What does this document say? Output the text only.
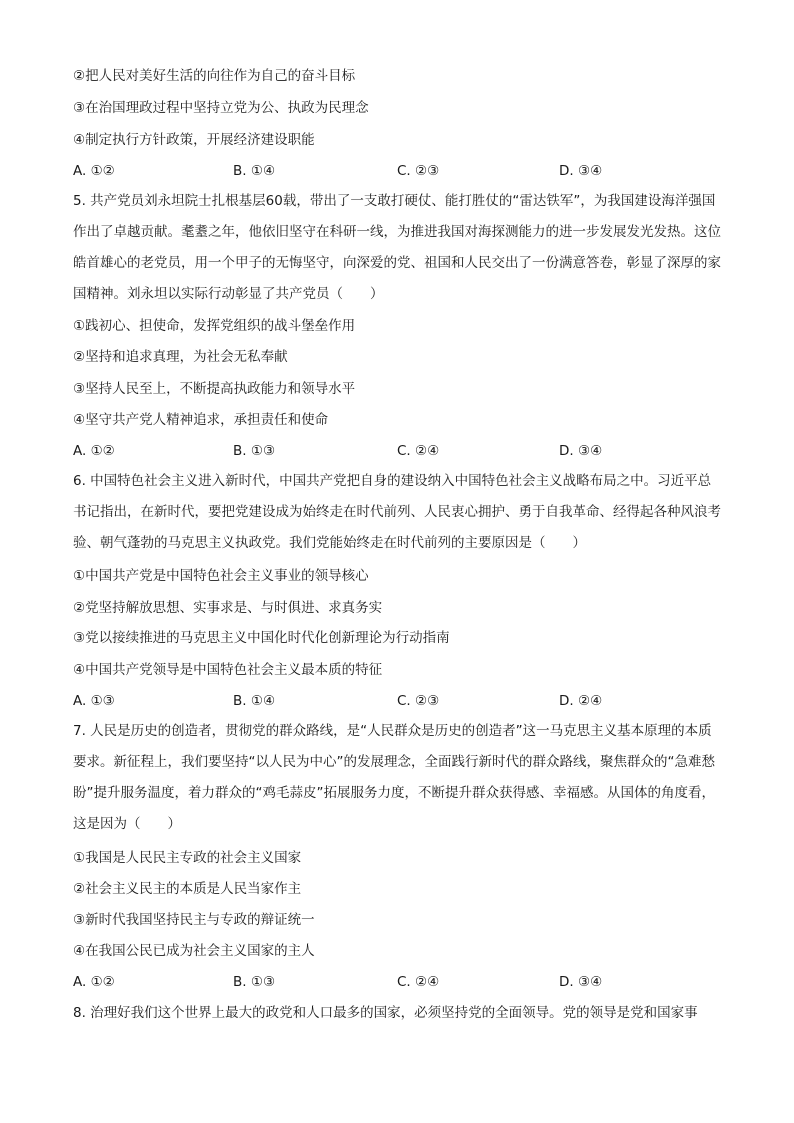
②把人民对美好生活的向往作为自己的奋斗目标
③在治国理政过程中坚持立党为公、执政为民理念
④制定执行方针政策，开展经济建设职能
A. ①②	B. ①④	C. ②③	D. ③④
5. 共产党员刘永坦院士扎根基层60载，带出了一支敢打硬仗、能打胜仗的“雷达铁军”，为我国建设海洋强国作出了卓越贡献。耄耋之年，他依旧坚守在科研一线，为推进我国对海探测能力的进一步发展发光发热。这位皓首雄心的老党员，用一个甲子的无悔坚守，向深爱的党、祖国和人民交出了一份满意答卷，彰显了深厚的家国精神。刘永坦以实际行动彰显了共产党员（　　）
①践初心、担使命，发挥党组织的战斗堡垒作用
②坚持和追求真理，为社会无私奉献
③坚持人民至上，不断提高执政能力和领导水平
④坚守共产党人精神追求，承担责任和使命
A. ①②	B. ①③	C. ②④	D. ③④
6. 中国特色社会主义进入新时代，中国共产党把自身的建设纳入中国特色社会主义战略布局之中。习近平总书记指出，在新时代，要把党建设成为始终走在时代前列、人民衷心拥护、勇于自我革命、经得起各种风浪考验、朝气蓬勃的马克思主义执政党。我们党能始终走在时代前列的主要原因是（　　）
①中国共产党是中国特色社会主义事业的领导核心
②党坚持解放思想、实事求是、与时俱进、求真务实
③党以接续推进的马克思主义中国化时代化创新理论为行动指南
④中国共产党领导是中国特色社会主义最本质的特征
A. ①③	B. ①④	C. ②③	D. ②④
7. 人民是历史的创造者，贯彻党的群众路线，是“人民群众是历史的创造者”这一马克思主义基本原理的本质要求。新征程上，我们要坚持“以人民为中心”的发展理念，全面践行新时代的群众路线，聚焦群众的“急难愁盼”提升服务温度，着力群众的“鸡毛蒜皮”拓展服务力度，不断提升群众获得感、幸福感。从国体的角度看，这是因为（　　）
①我国是人民民主专政的社会主义国家
②社会主义民主的本质是人民当家作主
③新时代我国坚持民主与专政的辩证统一
④在我国公民已成为社会主义国家的主人
A. ①②	B. ①③	C. ②④	D. ③④
8. 治理好我们这个世界上最大的政党和人口最多的国家，必须坚持党的全面领导。党的领导是党和国家事
